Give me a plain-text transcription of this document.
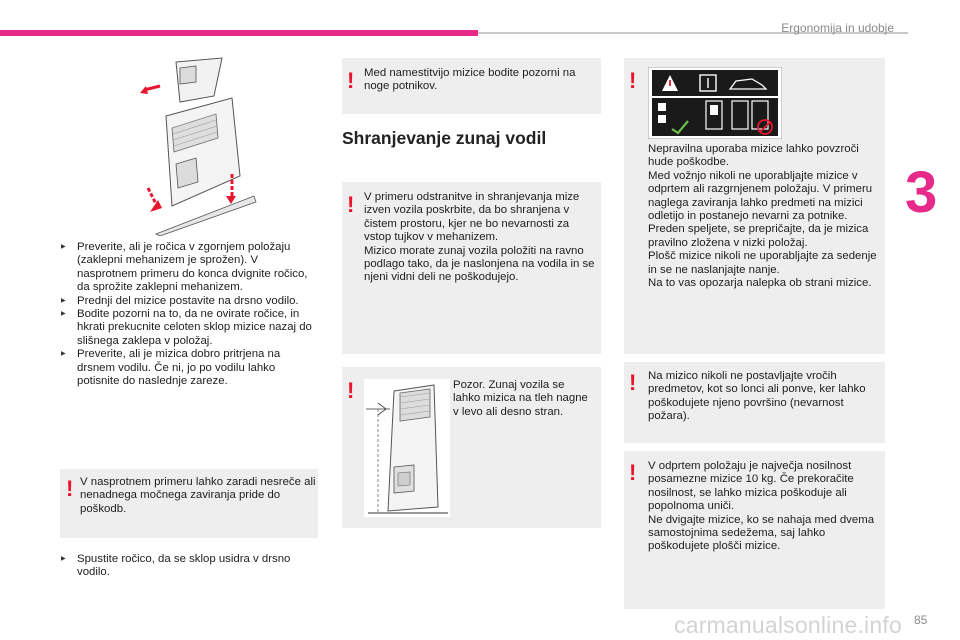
Ergonomija in udobje
3

▶ Preverite, ali je ročica v zgornjem položaju (zaklepni mehanizem je sprožen). V nasprotnem primeru do konca dvignite ročico, da sprožite zaklepni mehanizem.

▶ Prednji del mizice postavite na drsno vodilo.

▶ Bodite pozorni na to, da ne ovirate ročice, in hkrati prekucnite celoten sklop mizice nazaj do slišnega zaklepa v položaj.

▶ Preverite, ali je mizica dobro pritrjena na drsnem vodilu. Če ni, jo po vodilu lahko potisnite do naslednje zareze.

! V nasprotnem primeru lahko zaradi nesreče ali nenadnega močnega zaviranja pride do poškodb.

▶ Spustite ročico, da se sklop usidra v drsno vodilo.

! Med namestitvijo mizice bodite pozorni na noge potnikov.

Shranjevanje zunaj vodil
! V primeru odstranitve in shranjevanja mize izven vozila poskrbite, da bo shranjena v čistem prostoru, kjer ne bo nevarnosti za vstop tujkov v mehanizem.
Mizico morate zunaj vozila položiti na ravno podlago tako, da je naslonjena na vodila in se njeni vidni deli ne poškodujejo.

!	Pozor. Zunaj vozila se lahko mizica na tleh nagne v levo ali desno stran.

!

Nepravilna uporaba mizice lahko povzroči hude poškodbe.
Med vožnjo nikoli ne uporabljajte mizice v odprtem ali razgrnjenem položaju. V primeru naglega zaviranja lahko predmeti na mizici odletijo in postanejo nevarni za potnike.
Preden speljete, se prepričajte, da je mizica pravilno zložena v nizki položaj.
Plošč mizice nikoli ne uporabljajte za sedenje in se ne naslanjajte nanje.
Na to vas opozarja nalepka ob strani mizice.

! Na mizico nikoli ne postavljajte vročih predmetov, kot so lonci ali ponve, ker lahko poškodujete njeno površino (nevarnost požara).

! V odprtem položaju je največja nosilnost posamezne mizice 10 kg. Če prekoračite nosilnost, se lahko mizica poškoduje ali popolnoma uniči.
Ne dvigajte mizice, ko se nahaja med dvema samostojnima sedežema, saj lahko poškodujete plošči mizice.

carmanualsonline.info 85
